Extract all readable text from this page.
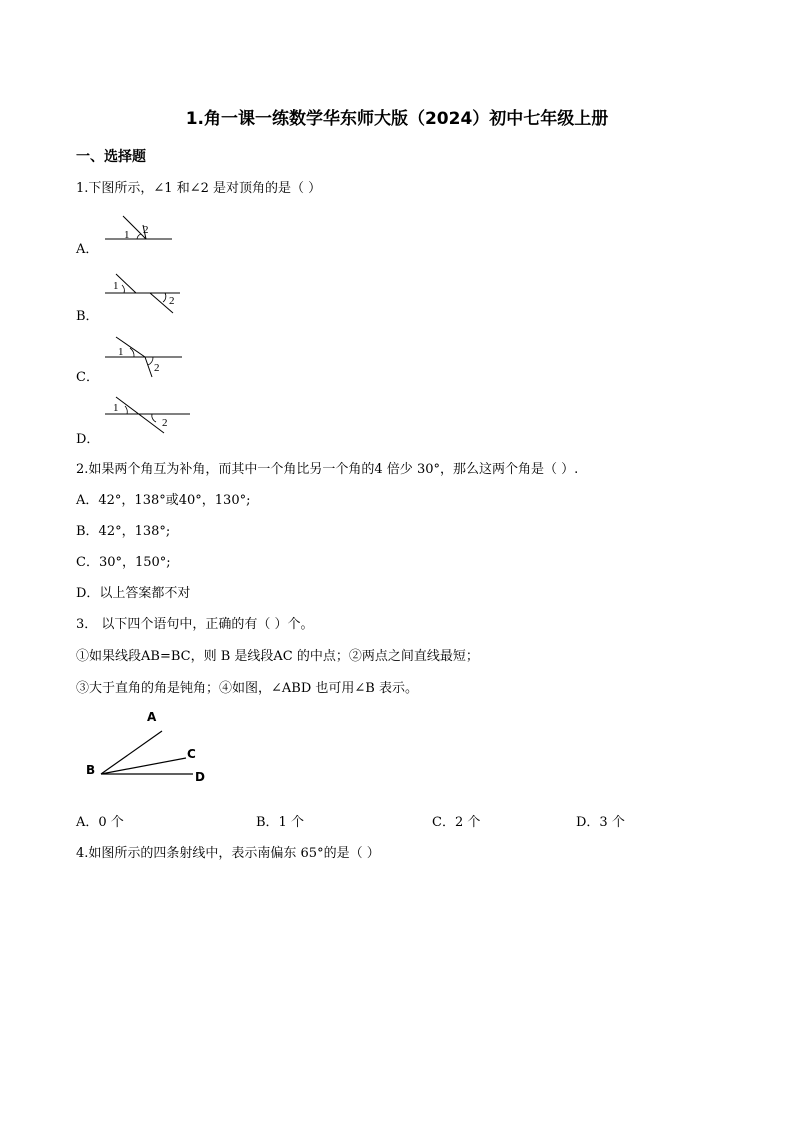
1.角一课一练数学华东师大版（2024）初中七年级上册
一、选择题
1.下图所示，∠1 和∠2 是对顶角的是（ ）
A．
1 2
B．
1
2
C．
1
2
D．
1
2
2.如果两个角互为补角，而其中一个角比另一个角的4 倍少 30°，那么这两个角是（ ）.
A．42°，138°或40°，130°;
B．42°，138°;
C．30°，150°;
D．以上答案都不对
3． 以下四个语句中，正确的有（ ）个。
①如果线段AB=BC，则 B 是线段AC 的中点；②两点之间直线最短；
③大于直角的角是钝角；④如图，∠ABD 也可用∠B 表示。
A
B
C
D
A．0 个	B．1 个	C．2 个	D．3 个
4.如图所示的四条射线中，表示南偏东 65°的是（ ）
